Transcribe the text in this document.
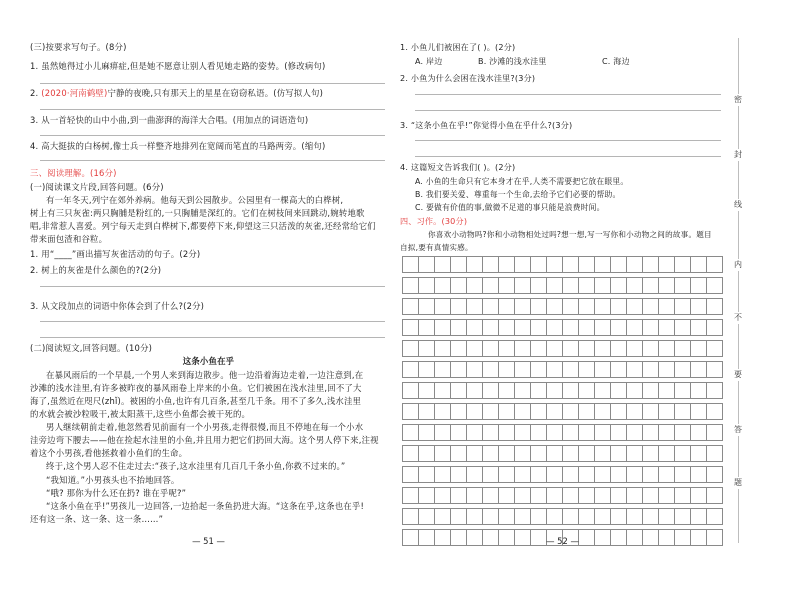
(三)按要求写句子。(8分)
1. 虽然她得过小儿麻痹症,但是她不愿意让别人看见她走路的姿势。(修改病句)
2. (2020·河南鹤壁)宁静的夜晚,只有那天上的星星在窃窃私语。(仿写拟人句)
3. 从一首轻快的山中小曲,到一曲澎湃的海洋大合唱。(用加点的词语造句)
4. 高大挺拔的白杨树,像士兵一样整齐地排列在宽阔而笔直的马路两旁。(缩句)
三、阅读理解。(16分)
(一)阅读课文片段,回答问题。(6分)
有一年冬天,列宁在郊外养病。他每天到公园散步。公园里有一棵高大的白桦树,
树上有三只灰雀:两只胸脯是粉红的,一只胸脯是深红的。它们在树枝间来回跳动,婉转地歌
唱,非常惹人喜爱。列宁每天走到白桦树下,都要停下来,仰望这三只活泼的灰雀,还经常给它们
带来面包渣和谷粒。
1. 用“____”画出描写灰雀活动的句子。(2分)
2. 树上的灰雀是什么颜色的?(2分)
3. 从文段加点的词语中你体会到了什么?(2分)
(二)阅读短文,回答问题。(10分)
这条小鱼在乎
在暴风雨后的一个早晨,一个男人来到海边散步。他一边沿着海边走着,一边注意到,在
沙滩的浅水洼里,有许多被昨夜的暴风雨卷上岸来的小鱼。它们被困在浅水洼里,回不了大
海了,虽然近在咫尺(zhǐ)。被困的小鱼,也许有几百条,甚至几千条。用不了多久,浅水洼里
的水就会被沙粒吸干,被太阳蒸干,这些小鱼都会被干死的。
男人继续朝前走着,他忽然看见前面有一个小男孩,走得很慢,而且不停地在每一个小水
洼旁边弯下腰去——他在捡起水洼里的小鱼,并且用力把它们扔回大海。这个男人停下来,注视
着这个小男孩,看他拯救着小鱼们的生命。
终于,这个男人忍不住走过去:“孩子,这水洼里有几百几千条小鱼,你救不过来的。”
“我知道。”小男孩头也不抬地回答。
“哦? 那你为什么还在扔? 谁在乎呢?”
“这条小鱼在乎!”男孩儿一边回答,一边拾起一条鱼扔进大海。“这条在乎,这条也在乎!
还有这一条、这一条、这一条……”
— 51 —
1. 小鱼儿们被困在了( )。(2分)
A. 岸边	B. 沙滩的浅水洼里	C. 海边
2. 小鱼为什么会困在浅水洼里?(3分)
3. “这条小鱼在乎!”你觉得小鱼在乎什么?(3分)
4. 这篇短文告诉我们( )。(2分)
A. 小鱼的生命只有它本身才在乎,人类不需要把它放在眼里。
B. 我们要关爱、尊重每一个生命,去给予它们必要的帮助。
C. 要做有价值的事,做微不足道的事只能是浪费时间。
四、习作。(30分)
你喜欢小动物吗?你和小动物相处过吗?想一想,写一写你和小动物之间的故事。题目
自拟,要有真情实感。
— 52 —
密
封
线
内
不
要
答
题
